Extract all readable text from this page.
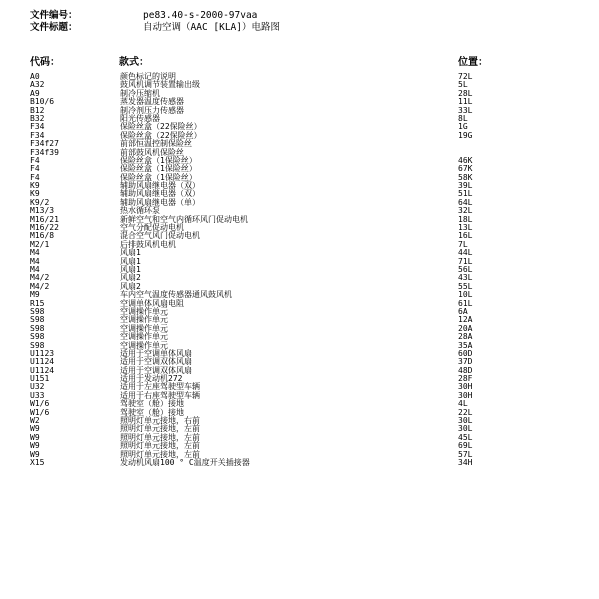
文件编号：	pe83.40-s-2000-97vaa
文件标题：	自动空调（AAC [KLA]）电路图
代码：	款式：	位置：
A0	颜色标记的说明	72L
A32	鼓风机调节装置输出级	5L
A9	制冷压缩机	28L
B10/6	蒸发器温度传感器	11L
B12	制冷剂压力传感器	33L
B32	阳光传感器	8L
F34	保险丝盒（22保险丝）	1G
F34	保险丝盒（22保险丝）	19G
F34f27	前部恒温控制保险丝
F34f39	前部鼓风机保险丝
F4	保险丝盒（1保险丝）	46K
F4	保险丝盒（1保险丝）	67K
F4	保险丝盒（1保险丝）	58K
K9	辅助风扇继电器（双）	39L
K9	辅助风扇继电器（双）	51L
K9/2	辅助风扇继电器（单）	64L
M13/3	热水循环泵	32L
M16/21	新鲜空气和空气内循环风门促动电机	18L
M16/22	空气分配促动电机	13L
M16/8	混合空气风门促动电机	16L
M2/1	后排鼓风机电机	7L
M4	风扇1	44L
M4	风扇1	71L
M4	风扇1	56L
M4/2	风扇2	43L
M4/2	风扇2	55L
M9	车内空气温度传感器通风鼓风机	10L
R15	空调单体风扇电阻	61L
S98	空调操作单元	6A
S98	空调操作单元	12A
S98	空调操作单元	20A
S98	空调操作单元	28A
S98	空调操作单元	35A
U1123	适用于空调单体风扇	60D
U1124	适用于空调双体风扇	37D
U1124	适用于空调双体风扇	48D
U151	适用于发动机272	28F
U32	适用于左座驾驶型车辆	30H
U33	适用于右座驾驶型车辆	30H
W1/6	驾驶室（舱）接地	4L
W1/6	驾驶室（舱）接地	22L
W2	照明灯单元接地，右前	30L
W9	照明灯单元接地，左前	30L
W9	照明灯单元接地，左前	45L
W9	照明灯单元接地，左前	69L
W9	照明灯单元接地，左前	57L
X15	发动机风扇100 ° C温度开关插接器	34H
